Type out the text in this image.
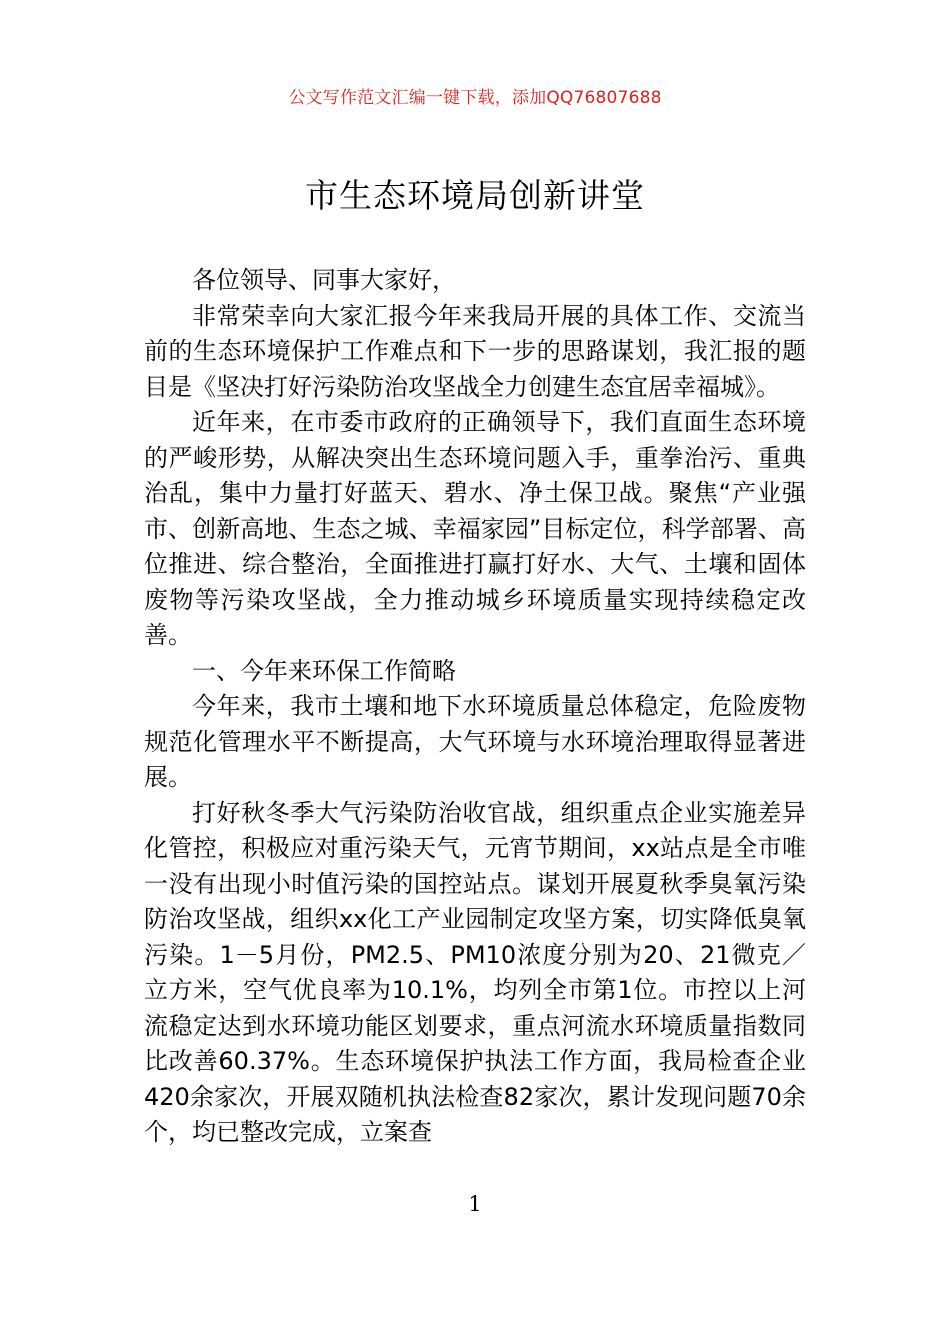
公文写作范文汇编一键下载，添加QQ76807688
市生态环境局创新讲堂

各位领导、同事大家好，

非常荣幸向大家汇报今年来我局开展的具体工作、交流当前的生态环境保护工作难点和下一步的思路谋划，我汇报的题目是《坚决打好污染防治攻坚战全力创建生态宜居幸福城》。

近年来，在市委市政府的正确领导下，我们直面生态环境的严峻形势，从解决突出生态环境问题入手，重拳治污、重典治乱，集中力量打好蓝天、碧水、净土保卫战。聚焦“产业强市、创新高地、生态之城、幸福家园”目标定位，科学部署、高位推进、综合整治，全面推进打赢打好水、大气、土壤和固体废物等污染攻坚战，全力推动城乡环境质量实现持续稳定改善。

一、今年来环保工作简略

今年来，我市土壤和地下水环境质量总体稳定，危险废物规范化管理水平不断提高，大气环境与水环境治理取得显著进展。

打好秋冬季大气污染防治收官战，组织重点企业实施差异化管控，积极应对重污染天气，元宵节期间，xx站点是全市唯一没有出现小时值污染的国控站点。谋划开展夏秋季臭氧污染防治攻坚战，组织xx化工产业园制定攻坚方案，切实降低臭氧污染。1－5月份，PM2.5、PM10浓度分别为20、21微克／立方米，空气优良率为10.1%，均列全市第1位。市控以上河流稳定达到水环境功能区划要求，重点河流水环境质量指数同比改善60.37%。生态环境保护执法工作方面，我局检查企业420余家次，开展双随机执法检查82家次，累计发现问题70余个，均已整改完成，立案查

1
